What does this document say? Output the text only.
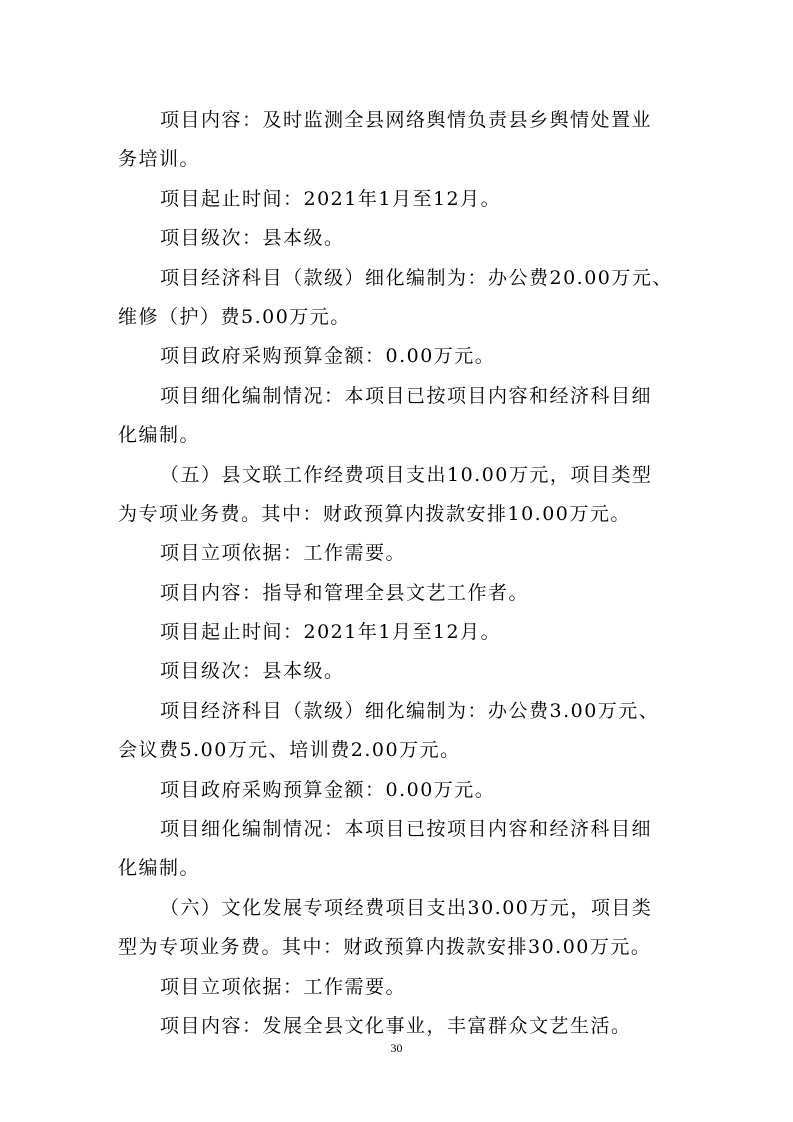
项目内容：及时监测全县网络舆情负责县乡舆情处置业
务培训。
项目起止时间：2021年1月至12月。
项目级次：县本级。
项目经济科目（款级）细化编制为：办公费20.00万元、
维修（护）费5.00万元。
项目政府采购预算金额：0.00万元。
项目细化编制情况：本项目已按项目内容和经济科目细
化编制。
（五）县文联工作经费项目支出10.00万元，项目类型
为专项业务费。其中：财政预算内拨款安排10.00万元。
项目立项依据：工作需要。
项目内容：指导和管理全县文艺工作者。
项目起止时间：2021年1月至12月。
项目级次：县本级。
项目经济科目（款级）细化编制为：办公费3.00万元、
会议费5.00万元、培训费2.00万元。
项目政府采购预算金额：0.00万元。
项目细化编制情况：本项目已按项目内容和经济科目细
化编制。
（六）文化发展专项经费项目支出30.00万元，项目类
型为专项业务费。其中：财政预算内拨款安排30.00万元。
项目立项依据：工作需要。
项目内容：发展全县文化事业，丰富群众文艺生活。
30
